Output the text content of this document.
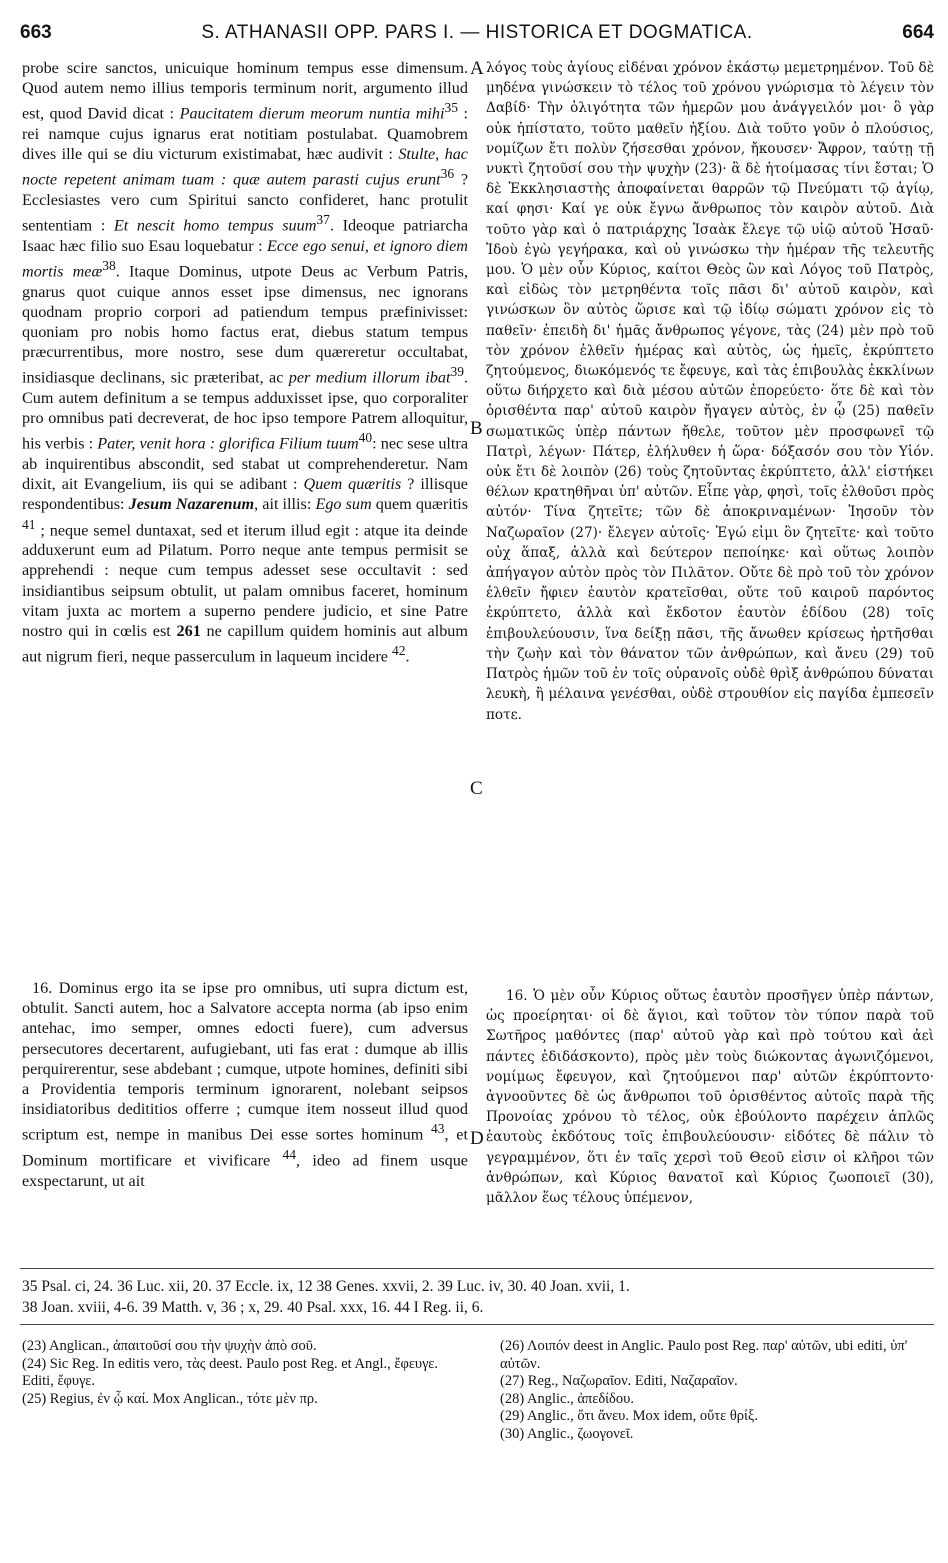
663	S. ATHANASII OPP. PARS I. — HISTORICA ET DOGMATICA.	664

probe scire sanctos, unicuique hominum tempus esse dimensum. Quod autem nemo illius temporis terminum norit, argumento illud est, quod David dicat : Paucitatem dierum meorum nuntia mihi$^{35}$ : rei namque cujus ignarus erat notitiam postulabat. Quamobrem dives ille qui se diu victurum existimabat, hæc audivit : Stulte, hac nocte repetent animam tuam : quæ autem parasti cujus erunt$^{36}$ ? Ecclesiastes vero cum Spiritui sancto confideret, hanc protulit sententiam : Et nescit homo tempus suum$^{37}$. Ideoque patriarcha Isaac hæc filio suo Esau loquebatur : Ecce ego senui, et ignoro diem mortis meæ$^{38}$. Itaque Dominus, utpote Deus ac Verbum Patris, gnarus quot cuique annos esset ipse dimensus, nec ignorans quodnam proprio corpori ad patiendum tempus præfinivisset: quoniam pro nobis homo factus erat, diebus statum tempus præcurrentibus, more nostro, sese dum quæreretur occultabat, insidiasque declinans, sic præteribat, ac per medium illorum ibat$^{39}$. Cum autem definitum a se tempus adduxisset ipse, quo corporaliter pro omnibus pati decreverat, de hoc ipso tempore Patrem alloquitur, his verbis : Pater, venit hora : glorifica Filium tuum$^{40}$: nec sese ultra ab inquirentibus abscondit, sed stabat ut comprehenderetur. Nam dixit, ait Evangelium, iis qui se adibant : Quem quæritis ? illisque respondentibus: Jesum Nazarenum, ait illis: Ego sum quem quæritis $^{41}$ ; neque semel duntaxat, sed et iterum illud egit : atque ita deinde adduxerunt eum ad Pilatum. Porro neque ante tempus permisit se apprehendi : neque cum tempus adesset sese occultavit : sed insidiantibus seipsum obtulit, ut palam omnibus faceret, hominum vitam juxta ac mortem a superno pendere judicio, et sine Patre nostro qui in cœlis est 261 ne capillum quidem hominis aut album aut nigrum fieri, neque passerculum in laqueum incidere $^{42}$.

λόγος τοὺς ἁγίους εἰδέναι χρόνον ἑκάστῳ μεμετρημένον. Τοῦ δὲ μηδένα γινώσκειν τὸ τέλος τοῦ χρόνου γνώρισμα τὸ λέγειν τὸν Δαβίδ· Τὴν ὀλιγότητα τῶν ἡμερῶν μου ἀνάγγειλόν μοι· ὃ γὰρ οὐκ ἠπίστατο, τοῦτο μαθεῖν ἠξίου. Διὰ τοῦτο γοῦν ὁ πλούσιος, νομίζων ἔτι πολὺν ζήσεσθαι χρόνον, ἤκουσεν· Ἄφρον, ταύτῃ τῇ νυκτὶ ζητοῦσί σου τὴν ψυχὴν (23)· ἃ δὲ ἡτοίμασας τίνι ἔσται; Ὁ δὲ Ἐκκλησιαστὴς ἀποφαίνεται θαρρῶν τῷ Πνεύματι τῷ ἁγίῳ, καί φησι· Καί γε οὐκ ἔγνω ἄνθρωπος τὸν καιρὸν αὐτοῦ. Διὰ τοῦτο γὰρ καὶ ὁ πατριάρχης Ἰσαὰκ ἔλεγε τῷ υἱῷ αὐτοῦ Ἠσαῦ· Ἰδοὺ ἐγὼ γεγήρακα, καὶ οὐ γινώσκω τὴν ἡμέραν τῆς τελευτῆς μου. Ὁ μὲν οὖν Κύριος, καίτοι Θεὸς ὢν καὶ Λόγος τοῦ Πατρὸς, καὶ εἰδὼς τὸν μετρηθέντα τοῖς πᾶσι δι' αὐτοῦ καιρὸν, καὶ γινώσκων ὃν αὐτὸς ὥρισε καὶ τῷ ἰδίῳ σώματι χρόνον εἰς τὸ παθεῖν· ἐπειδὴ δι' ἡμᾶς ἄνθρωπος γέγονε, τὰς (24) μὲν πρὸ τοῦ τὸν χρόνον ἐλθεῖν ἡμέρας καὶ αὐτὸς, ὡς ἡμεῖς, ἐκρύπτετο ζητούμενος, διωκόμενός τε ἔφευγε, καὶ τὰς ἐπιβουλὰς ἐκκλίνων οὕτω διήρχετο καὶ διὰ μέσου αὐτῶν ἐπορεύετο· ὅτε δὲ καὶ τὸν ὁρισθέντα παρ' αὐτοῦ καιρὸν ἤγαγεν αὐτὸς, ἐν ᾧ (25) παθεῖν σωματικῶς ὑπὲρ πάντων ἤθελε, τοῦτον μὲν προσφωνεῖ τῷ Πατρὶ, λέγων· Πάτερ, ἐλήλυθεν ἡ ὥρα· δόξασόν σου τὸν Υἱόν. οὐκ ἔτι δὲ λοιπὸν (26) τοὺς ζητοῦντας ἐκρύπτετο, ἀλλ' εἱστήκει θέλων κρατηθῆναι ὑπ' αὐτῶν. Εἶπε γὰρ, φησὶ, τοῖς ἐλθοῦσι πρὸς αὐτόν· Τίνα ζητεῖτε; τῶν δὲ ἀποκριναμένων· Ἰησοῦν τὸν Ναζωραῖον (27)· ἔλεγεν αὐτοῖς· Ἐγώ εἰμι ὃν ζητεῖτε· καὶ τοῦτο οὐχ ἅπαξ, ἀλλὰ καὶ δεύτερον πεποίηκε· καὶ οὕτως λοιπὸν ἀπήγαγον αὐτὸν πρὸς τὸν Πιλᾶτον. Οὔτε δὲ πρὸ τοῦ τὸν χρόνον ἐλθεῖν ἤφιεν ἑαυτὸν κρατεῖσθαι, οὔτε τοῦ καιροῦ παρόντος ἐκρύπτετο, ἀλλὰ καὶ ἔκδοτον ἑαυτὸν ἐδίδου (28) τοῖς ἐπιβουλεύουσιν, ἵνα δείξῃ πᾶσι, τῆς ἄνωθεν κρίσεως ἠρτῆσθαι τὴν ζωὴν καὶ τὸν θάνατον τῶν ἀνθρώπων, καὶ ἄνευ (29) τοῦ Πατρὸς ἡμῶν τοῦ ἐν τοῖς οὐρανοῖς οὐδὲ θρὶξ ἀνθρώπου δύναται λευκὴ, ἢ μέλαινα γενέσθαι, οὐδὲ στρουθίον εἰς παγίδα ἐμπεσεῖν ποτε.

16. Dominus ergo ita se ipse pro omnibus, uti supra dictum est, obtulit. Sancti autem, hoc a Salvatore accepta norma (ab ipso enim antehac, imo semper, omnes edocti fuere), cum adversus persecutores decertarent, aufugiebant, uti fas erat : dumque ab illis perquirerentur, sese abdebant ; cumque, utpote homines, definiti sibi a Providentia temporis terminum ignorarent, nolebant seipsos insidiatoribus dedititios offerre ; cumque item nosseut illud quod scriptum est, nempe in manibus Dei esse sortes hominum $^{43}$, et Dominum mortificare et vivificare $^{44}$, ideo ad finem usque exspectarunt, ut ait

16. Ὁ μὲν οὖν Κύριος οὕτως ἑαυτὸν προσῆγεν ὑπὲρ πάντων, ὡς προείρηται· οἱ δὲ ἅγιοι, καὶ τοῦτον τὸν τύπον παρὰ τοῦ Σωτῆρος μαθόντες (παρ' αὐτοῦ γὰρ καὶ πρὸ τούτου καὶ ἀεὶ πάντες ἐδιδάσκοντο), πρὸς μὲν τοὺς διώκοντας ἀγωνιζόμενοι, νομίμως ἔφευγον, καὶ ζητούμενοι παρ' αὐτῶν ἐκρύπτοντο· ἀγνοοῦντες δὲ ὡς ἄνθρωποι τοῦ ὁρισθέντος αὐτοῖς παρὰ τῆς Προνοίας χρόνου τὸ τέλος, οὐκ ἐβούλοντο παρέχειν ἁπλῶς ἑαυτοὺς ἐκδότους τοῖς ἐπιβουλεύουσιν· εἰδότες δὲ πάλιν τὸ γεγραμμένον, ὅτι ἐν ταῖς χερσὶ τοῦ Θεοῦ εἰσιν οἱ κλῆροι τῶν ἀνθρώπων, καὶ Κύριος θανατοῖ καὶ Κύριος ζωοποιεῖ (30), μᾶλλον ἕως τέλους ὑπέμενον,

A
B
C
D
35 Psal. ci, 24. 36 Luc. xii, 20. 37 Eccle. ix, 12 38 Genes. xxvii, 2. 39 Luc. iv, 30. 40 Joan. xvii, 1.
38 Joan. xviii, 4-6. 39 Matth. v, 36 ; x, 29. 40 Psal. xxx, 16. 44 I Reg. ii, 6.

(23) Anglican., ἀπαιτοῦσί σου τὴν ψυχὴν ἀπὸ σοῦ.

(24) Sic Reg. In editis vero, τὰς deest. Paulo post Reg. et Angl., ἔφευγε. Editi, ἔφυγε.

(25) Regius, ἐν ᾧ καί. Mox Anglican., τότε μὲν πρ.

(26) Λοιπόν deest in Anglic. Paulo post Reg. παρ' αὐτῶν, ubi editi, ὑπ' αὐτῶν.

(27) Reg., Ναζωραῖον. Editi, Ναζαραῖον.

(28) Anglic., ἀπεδίδου.

(29) Anglic., ὅτι ἄνευ. Mox idem, οὔτε θρίξ.

(30) Anglic., ζωογονεῖ.
